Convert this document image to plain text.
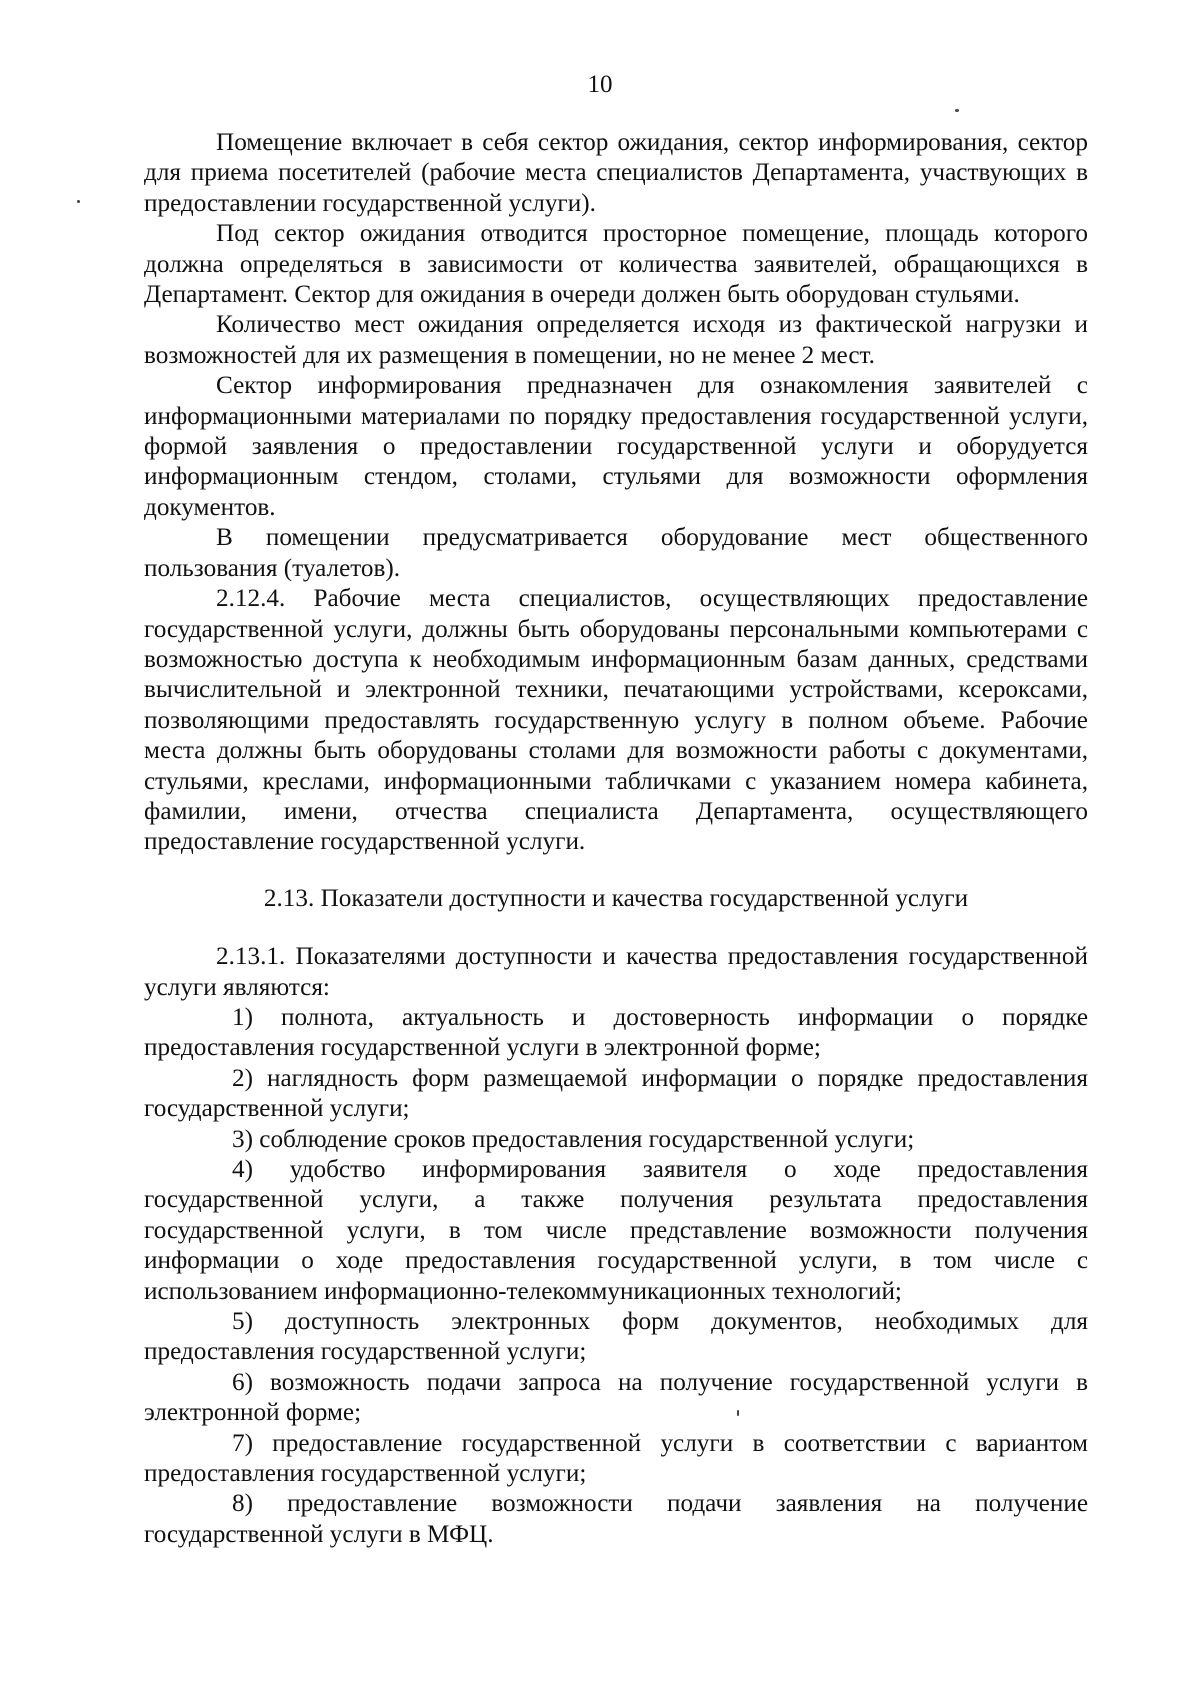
10

Помещение включает в себя сектор ожидания, сектор информирования, сектор для приема посетителей (рабочие места специалистов Департамента, участвующих в предоставлении государственной услуги).

Под сектор ожидания отводится просторное помещение, площадь которого должна определяться в зависимости от количества заявителей, обращающихся в Департамент. Сектор для ожидания в очереди должен быть оборудован стульями.

Количество мест ожидания определяется исходя из фактической нагрузки и возможностей для их размещения в помещении, но не менее 2 мест.

Сектор информирования предназначен для ознакомления заявителей с информационными материалами по порядку предоставления государственной услуги, формой заявления о предоставлении государственной услуги и оборудуется информационным стендом, столами, стульями для возможности оформления документов.

В помещении предусматривается оборудование мест общественного пользования (туалетов).

2.12.4. Рабочие места специалистов, осуществляющих предоставление государственной услуги, должны быть оборудованы персональными компьютерами с возможностью доступа к необходимым информационным базам данных, средствами вычислительной и электронной техники, печатающими устройствами, ксероксами, позволяющими предоставлять государственную услугу в полном объеме. Рабочие места должны быть оборудованы столами для возможности работы с документами, стульями, креслами, информационными табличками с указанием номера кабинета, фамилии, имени, отчества специалиста Департамента, осуществляющего предоставление государственной услуги.

2.13. Показатели доступности и качества государственной услуги

2.13.1. Показателями доступности и качества предоставления государственной услуги являются:

1) полнота, актуальность и достоверность информации о порядке предоставления государственной услуги в электронной форме;

2) наглядность форм размещаемой информации о порядке предоставления государственной услуги;

3) соблюдение сроков предоставления государственной услуги;

4) удобство информирования заявителя о ходе предоставления государственной услуги, а также получения результата предоставления государственной услуги, в том числе представление возможности получения информации о ходе предоставления государственной услуги, в том числе с использованием информационно-телекоммуникационных технологий;

5) доступность электронных форм документов, необходимых для предоставления государственной услуги;

6) возможность подачи запроса на получение государственной услуги в электронной форме;

7) предоставление государственной услуги в соответствии с вариантом предоставления государственной услуги;

8) предоставление возможности подачи заявления на получение государственной услуги в МФЦ.
